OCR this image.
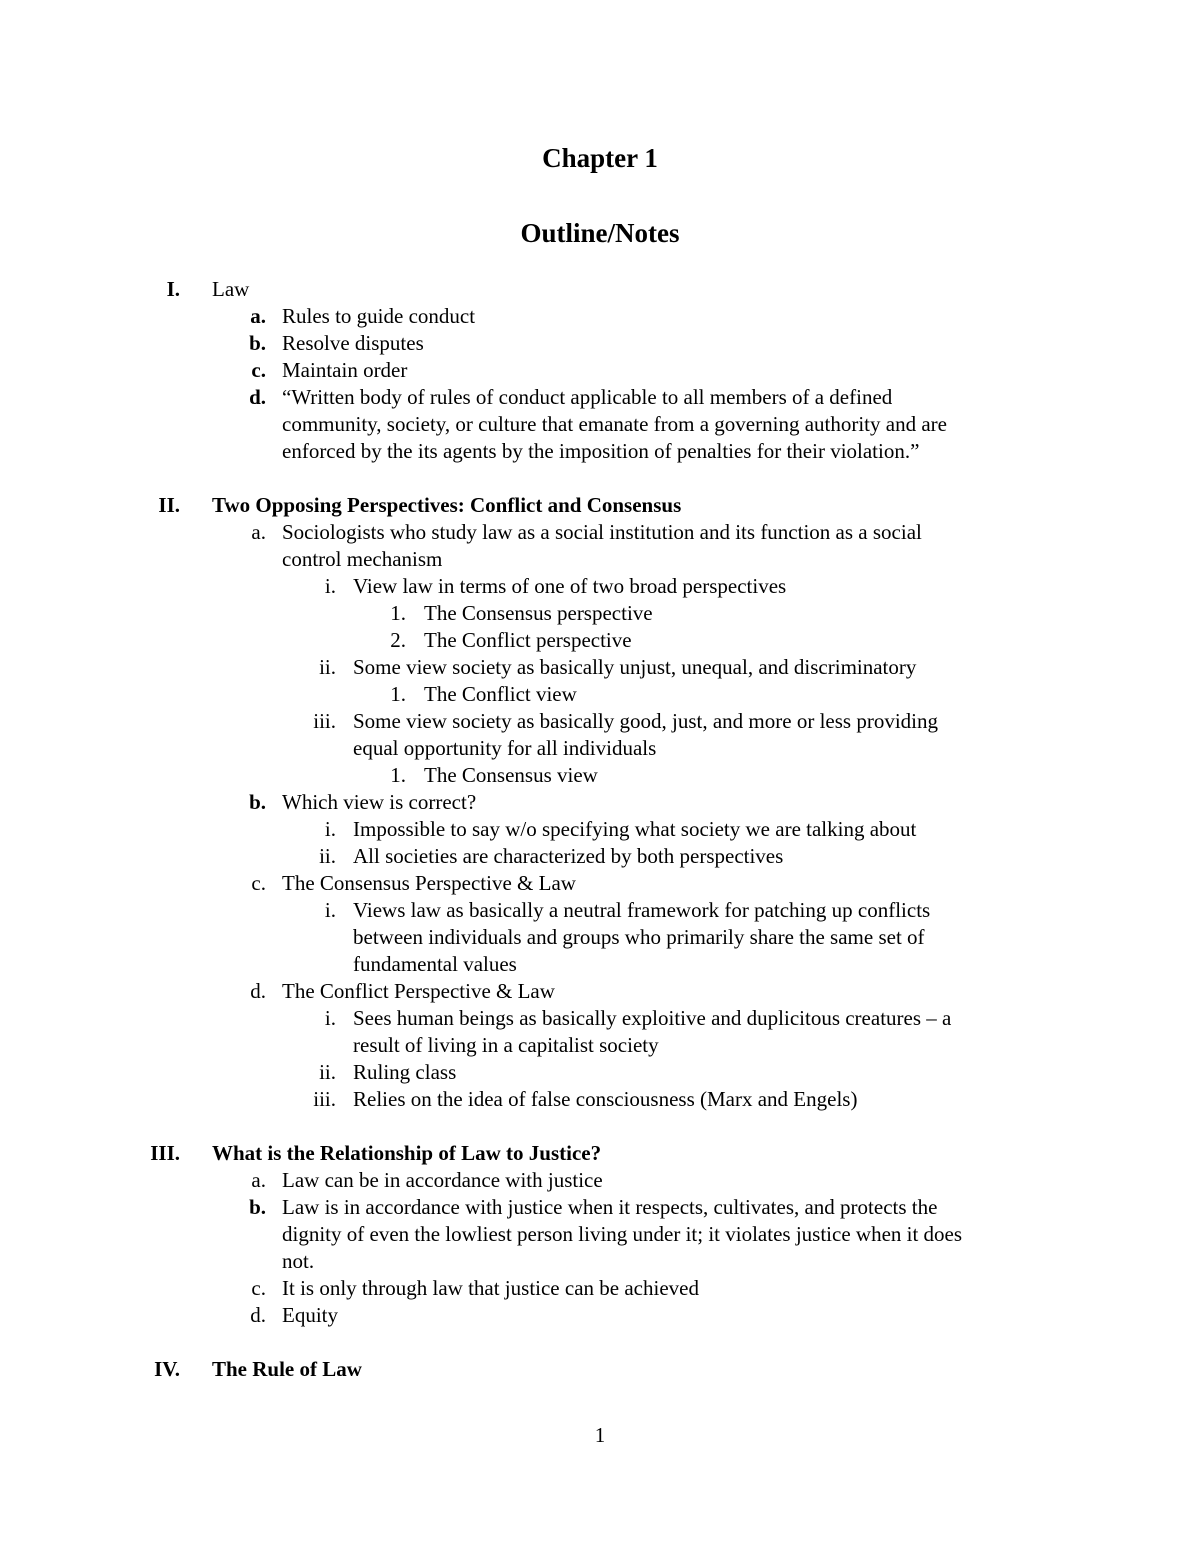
Chapter 1
Outline/Notes
I. Law
a. Rules to guide conduct
b. Resolve disputes
c. Maintain order
d. “Written body of rules of conduct applicable to all members of a defined
community, society, or culture that emanate from a governing authority and are
enforced by the its agents by the imposition of penalties for their violation.”
II. Two Opposing Perspectives: Conflict and Consensus
a. Sociologists who study law as a social institution and its function as a social
control mechanism
i. View law in terms of one of two broad perspectives
1. The Consensus perspective
2. The Conflict perspective
ii. Some view society as basically unjust, unequal, and discriminatory
1. The Conflict view
iii. Some view society as basically good, just, and more or less providing
equal opportunity for all individuals
1. The Consensus view
b. Which view is correct?
i. Impossible to say w/o specifying what society we are talking about
ii. All societies are characterized by both perspectives
c. The Consensus Perspective & Law
i. Views law as basically a neutral framework for patching up conflicts
between individuals and groups who primarily share the same set of
fundamental values
d. The Conflict Perspective & Law
i. Sees human beings as basically exploitive and duplicitous creatures – a
result of living in a capitalist society
ii. Ruling class
iii. Relies on the idea of false consciousness (Marx and Engels)
III. What is the Relationship of Law to Justice?
a. Law can be in accordance with justice
b. Law is in accordance with justice when it respects, cultivates, and protects the
dignity of even the lowliest person living under it; it violates justice when it does
not.
c. It is only through law that justice can be achieved
d. Equity
IV. The Rule of Law
1
